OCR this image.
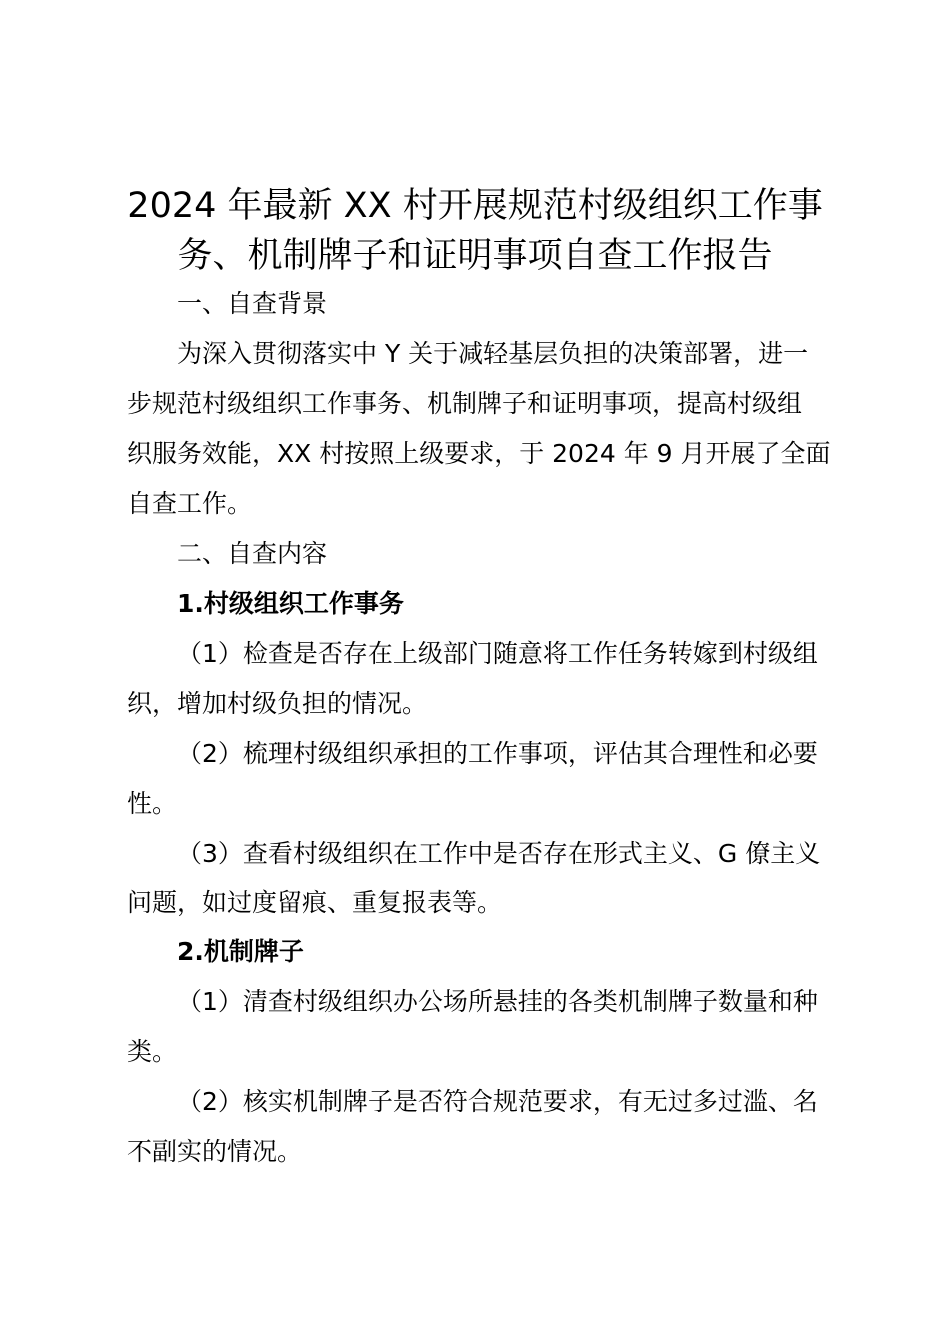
2024 年最新 XX 村开展规范村级组织工作事
务、机制牌子和证明事项自查工作报告

一、自查背景

为深入贯彻落实中 Y 关于减轻基层负担的决策部署，进一

步规范村级组织工作事务、机制牌子和证明事项，提高村级组

织服务效能，XX 村按照上级要求，于 2024 年 9 月开展了全面

自查工作。

二、自查内容

1.村级组织工作事务

（1）检查是否存在上级部门随意将工作任务转嫁到村级组

织，增加村级负担的情况。

（2）梳理村级组织承担的工作事项，评估其合理性和必要

性。

（3）查看村级组织在工作中是否存在形式主义、G 僚主义

问题，如过度留痕、重复报表等。

2.机制牌子

（1）清查村级组织办公场所悬挂的各类机制牌子数量和种

类。

（2）核实机制牌子是否符合规范要求，有无过多过滥、名

不副实的情况。
